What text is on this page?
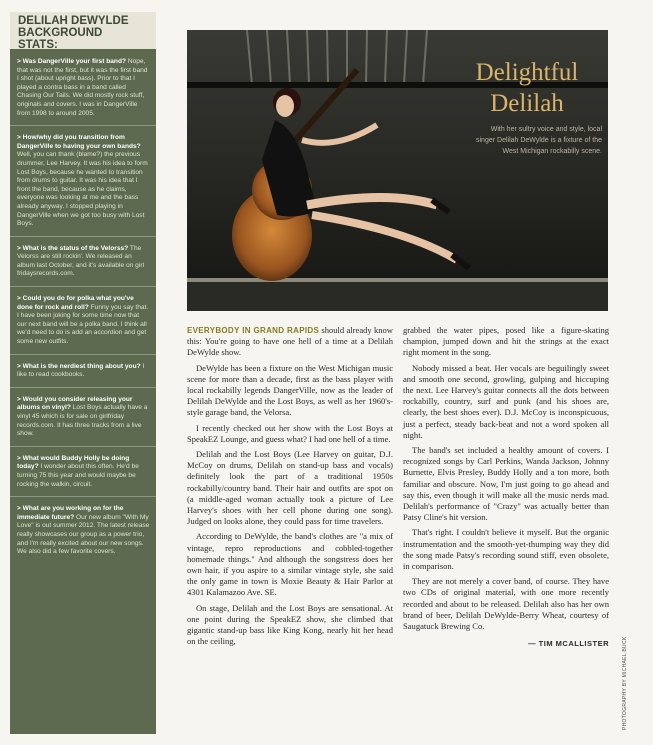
DELILAH DEWYLDE
BACKGROUND
STATS:
> Was DangerVille your first band? Nope, that was not the first, but it was the first band I shot (about upright bass). Prior to that I played a contra bass in a band called Chasing Our Tails. We did mostly rock stuff, originals and covers. I was in DangerVille from 1998 to around 2005.
> How/why did you transition from DangerVille to having your own bands? Well, you can thank (blame?) the previous drummer, Lee Harvey. It was his idea to form Lost Boys, because he wanted to transition from drums to guitar. It was his idea that I front the band, because as he claims, everyone was looking at me and the bass already anyway. I stopped playing in DangerVille when we got too busy with Lost Boys.
> What is the status of the Velorss? The Velorss are still rockin'. We released an album last October, and it's available on girl fridaysrecords.com.
> Could you do for polka what you've done for rock and roll? Funny you say that. I have been joking for some time now that our next band will be a polka band. I think all we'd need to do is add an accordion and get some new outfits.
> What is the nerdiest thing about you? I like to read cookbooks.
> Would you consider releasing your albums on vinyl? Lost Boys actually have a vinyl 45 which is for sale on girlfriday records.com. It has three tracks from a live show.
> What would Buddy Holly be doing today? I wonder about this often. He'd be turning 75 this year and would maybe be rocking the walkin, circuit.
> What are you working on for the immediate future? Our new album "With My Love" is out summer 2012. The latest release really showcases our group as a power trio, and I'm really excited about our new songs. We also did a few favorite covers.
Delightful
Delilah
With her sultry voice and style, local singer Delilah DeWylde is a fixture of the West Michigan rockabilly scene.

EVERYBODY IN GRAND RAPIDS should already know this: You're going to have one hell of a time at a Delilah DeWylde show.

DeWylde has been a fixture on the West Michigan music scene for more than a decade, first as the bass player with local rockabilly legends DangerVille, now as the leader of Delilah DeWylde and the Lost Boys, as well as her 1960's-style garage band, the Velorsa.

I recently checked out her show with the Lost Boys at SpeakEZ Lounge, and guess what? I had one hell of a time.

Delilah and the Lost Boys (Lee Harvey on guitar, D.J. McCoy on drums, Delilah on stand-up bass and vocals) definitely look the part of a traditional 1950s rockabilly/country band. Their hair and outfits are spot on (a middle-aged woman actually took a picture of Lee Harvey's shoes with her cell phone during one song). Judged on looks alone, they could pass for time travelers.

According to DeWylde, the band's clothes are "a mix of vintage, repro reproductions and cobbled-together homemade things." And although the songstress does her own hair, if you aspire to a similar vintage style, she said the only game in town is Moxie Beauty & Hair Parlor at 4301 Kalamazoo Ave. SE.

On stage, Delilah and the Lost Boys are sensational. At one point during the SpeakEZ show, she climbed that gigantic stand-up bass like King Kong, nearly hit her head on the ceiling,

grabbed the water pipes, posed like a figure-skating champion, jumped down and hit the strings at the exact right moment in the song.

Nobody missed a beat. Her vocals are beguilingly sweet and smooth one second, growling, gulping and hiccuping the next. Lee Harvey's guitar connects all the dots between rockabilly, country, surf and punk (and his shoes are, clearly, the best shoes ever). D.J. McCoy is inconspicuous, just a perfect, steady back-beat and not a word spoken all night.

The band's set included a healthy amount of covers. I recognized songs by Carl Perkins, Wanda Jackson, Johnny Burnette, Elvis Presley, Buddy Holly and a ton more, both familiar and obscure. Now, I'm just going to go ahead and say this, even though it will make all the music nerds mad. Delilah's performance of "Crazy" was actually better than Patsy Cline's hit version.

That's right. I couldn't believe it myself. But the organic instrumentation and the smooth-yet-thumping way they did the song made Patsy's recording sound stiff, even obsolete, in comparison.

They are not merely a cover band, of course. They have two CDs of original material, with one more recently recorded and about to be released. Delilah also has her own brand of beer, Delilah DeWylde-Berry Wheat, courtesy of Saugatuck Brewing Co.

— TIM MCALLISTER	PHOTOGRAPHY BY MICHAEL BUCK
